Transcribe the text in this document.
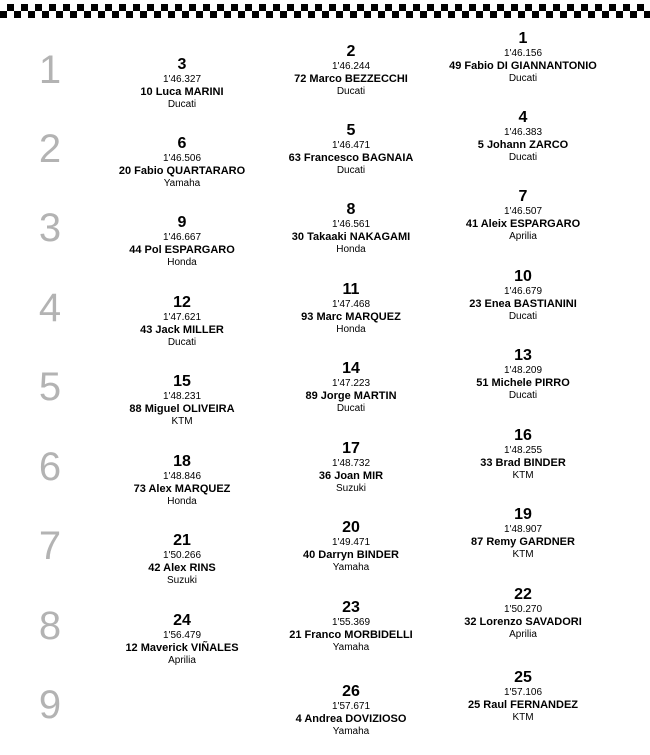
1	3
1'46.327
10 Luca MARINI
Ducati
2
1'46.244
72 Marco BEZZECCHI
Ducati
1
1'46.156
49 Fabio DI GIANNANTONIO
Ducati
2	6
1'46.506
20 Fabio QUARTARARO
Yamaha
5
1'46.471
63 Francesco BAGNAIA
Ducati
4
1'46.383
5 Johann ZARCO
Ducati
3	9
1'46.667
44 Pol ESPARGARO
Honda
8
1'46.561
30 Takaaki NAKAGAMI
Honda
7
1'46.507
41 Aleix ESPARGARO
Aprilia
4	12
1'47.621
43 Jack MILLER
Ducati
11
1'47.468
93 Marc MARQUEZ
Honda
10
1'46.679
23 Enea BASTIANINI
Ducati
5	15
1'48.231
88 Miguel OLIVEIRA
KTM
14
1'47.223
89 Jorge MARTIN
Ducati
13
1'48.209
51 Michele PIRRO
Ducati
6	18
1'48.846
73 Alex MARQUEZ
Honda
17
1'48.732
36 Joan MIR
Suzuki
16
1'48.255
33 Brad BINDER
KTM
7	21
1'50.266
42 Alex RINS
Suzuki
20
1'49.471
40 Darryn BINDER
Yamaha
19
1'48.907
87 Remy GARDNER
KTM
8	24
1'56.479
12 Maverick VIÑALES
Aprilia
23
1'55.369
21 Franco MORBIDELLI
Yamaha
22
1'50.270
32 Lorenzo SAVADORI
Aprilia
9	26
1'57.671
4 Andrea DOVIZIOSO
Yamaha
25
1'57.106
25 Raul FERNANDEZ
KTM
